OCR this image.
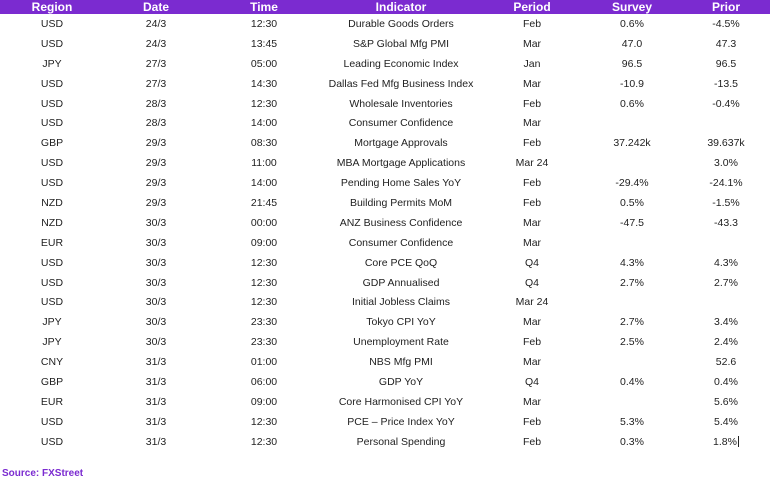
Region	Date	Time	Indicator	Period	Survey	Prior
USD	24/3	12:30	Durable Goods Orders	Feb	0.6%	-4.5%
USD	24/3	13:45	S&P Global Mfg PMI	Mar	47.0	47.3
JPY	27/3	05:00	Leading Economic Index	Jan	96.5	96.5
USD	27/3	14:30	Dallas Fed Mfg Business Index	Mar	-10.9	-13.5
USD	28/3	12:30	Wholesale Inventories	Feb	0.6%	-0.4%
USD	28/3	14:00	Consumer Confidence	Mar		
GBP	29/3	08:30	Mortgage Approvals	Feb	37.242k	39.637k
USD	29/3	11:00	MBA Mortgage Applications	Mar 24		3.0%
USD	29/3	14:00	Pending Home Sales YoY	Feb	-29.4%	-24.1%
NZD	29/3	21:45	Building Permits MoM	Feb	0.5%	-1.5%
NZD	30/3	00:00	ANZ Business Confidence	Mar	-47.5	-43.3
EUR	30/3	09:00	Consumer Confidence	Mar		
USD	30/3	12:30	Core PCE QoQ	Q4	4.3%	4.3%
USD	30/3	12:30	GDP Annualised	Q4	2.7%	2.7%
USD	30/3	12:30	Initial Jobless Claims	Mar 24		
JPY	30/3	23:30	Tokyo CPI YoY	Mar	2.7%	3.4%
JPY	30/3	23:30	Unemployment Rate	Feb	2.5%	2.4%
CNY	31/3	01:00	NBS Mfg PMI	Mar		52.6
GBP	31/3	06:00	GDP YoY	Q4	0.4%	0.4%
EUR	31/3	09:00	Core Harmonised CPI YoY	Mar		5.6%
USD	31/3	12:30	PCE – Price Index YoY	Feb	5.3%	5.4%
USD	31/3	12:30	Personal Spending	Feb	0.3%	1.8%
Source: FXStreet
